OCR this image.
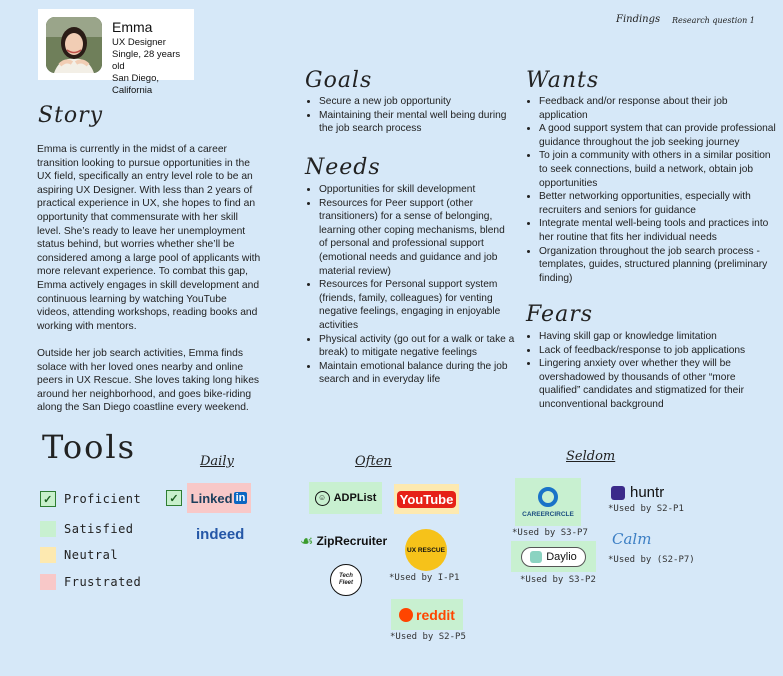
Emma
UX Designer
Single, 28 years old
San Diego, California
Findings Research question 1
Story

Emma is currently in the midst of a career transition looking to pursue opportunities in the UX field, specifically an entry level role to be an aspiring UX Designer. With less than 2 years of practical experience in UX, she hopes to find an opportunity that commensurate with her skill level. She’s ready to leave her unemployment status behind, but worries whether she’ll be considered among a large pool of applicants with more relevant experience. To combat this gap, Emma actively engages in skill development and continuous learning by watching YouTube videos, attending workshops, reading books and working with mentors.

Outside her job search activities, Emma finds solace with her loved ones nearby and online peers in UX Rescue. She loves taking long hikes around her neighborhood, and goes bike-riding along the San Diego coastline every weekend.

Goals
• Secure a new job opportunity
• Maintaining their mental well being during the job search process
Needs
• Opportunities for skill development
• Resources for Peer support (other transitioners) for a sense of belonging, learning other coping mechanisms, blend of personal and professional support (emotional needs and guidance and job material review)
• Resources for Personal support system (friends, family, colleagues) for venting negative feelings, engaging in enjoyable activities
• Physical activity (go out for a walk or take a break) to mitigate negative feelings
• Maintain emotional balance during the job search and in everyday life
Wants
• Feedback and/or response about their job application
• A good support system that can provide professional guidance throughout the job seeking journey
• To join a community with others in a similar position to seek connections, build a network, obtain job opportunities
• Better networking opportunities, especially with recruiters and seniors for guidance
• Integrate mental well-being tools and practices into her routine that fits her individual needs
• Organization throughout the job search process - templates, guides, structured planning (preliminary finding)
Fears
• Having skill gap or knowledge limitation
• Lack of feedback/response to job applications
• Lingering anxiety over whether they will be overshadowed by thousands of other “more qualified” candidates and stigmatized for their unconventional background
Tools
✓ Proficient
Satisfied
Neutral
Frustrated
Daily	Often	Seldom
✓ Linked in
indeed
☺ ADPList YouTube
☙ ZipRecruiter
UX RESCUE
*Used by I-P1
Tech Fleet
reddit
*Used by S2-P5
CAREERCIRCLE
*Used by S3-P7
Daylio
*Used by S3-P2
huntr
*Used by S2-P1
Calm
*Used by (S2-P7)
